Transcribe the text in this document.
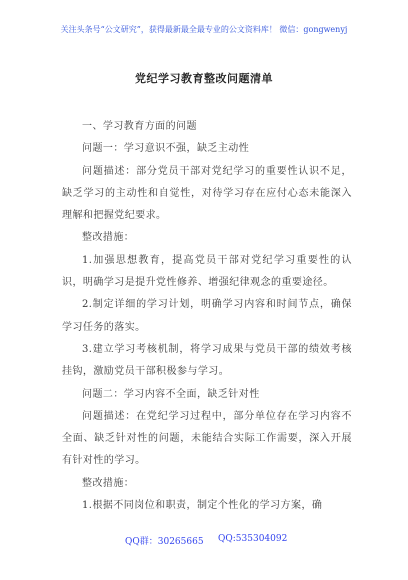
关注头条号“公文研究”，获得最新最全最专业的公文资料库！ 微信：gongwenyj
党纪学习教育整改问题清单

一、学习教育方面的问题

问题一：学习意识不强，缺乏主动性

问题描述：部分党员干部对党纪学习的重要性认识不足，缺乏学习的主动性和自觉性，对待学习存在应付心态未能深入理解和把握党纪要求。

整改措施：

1.加强思想教育，提高党员干部对党纪学习重要性的认识，明确学习是提升党性修养、增强纪律观念的重要途径。

2.制定详细的学习计划，明确学习内容和时间节点，确保学习任务的落实。

3.建立学习考核机制，将学习成果与党员干部的绩效考核挂钩，激励党员干部积极参与学习。

问题二：学习内容不全面，缺乏针对性

问题描述：在党纪学习过程中，部分单位存在学习内容不全面、缺乏针对性的问题，未能结合实际工作需要，深入开展有针对性的学习。

整改措施：

1.根据不同岗位和职责，制定个性化的学习方案，确

QQ群：30265665 QQ:535304092
